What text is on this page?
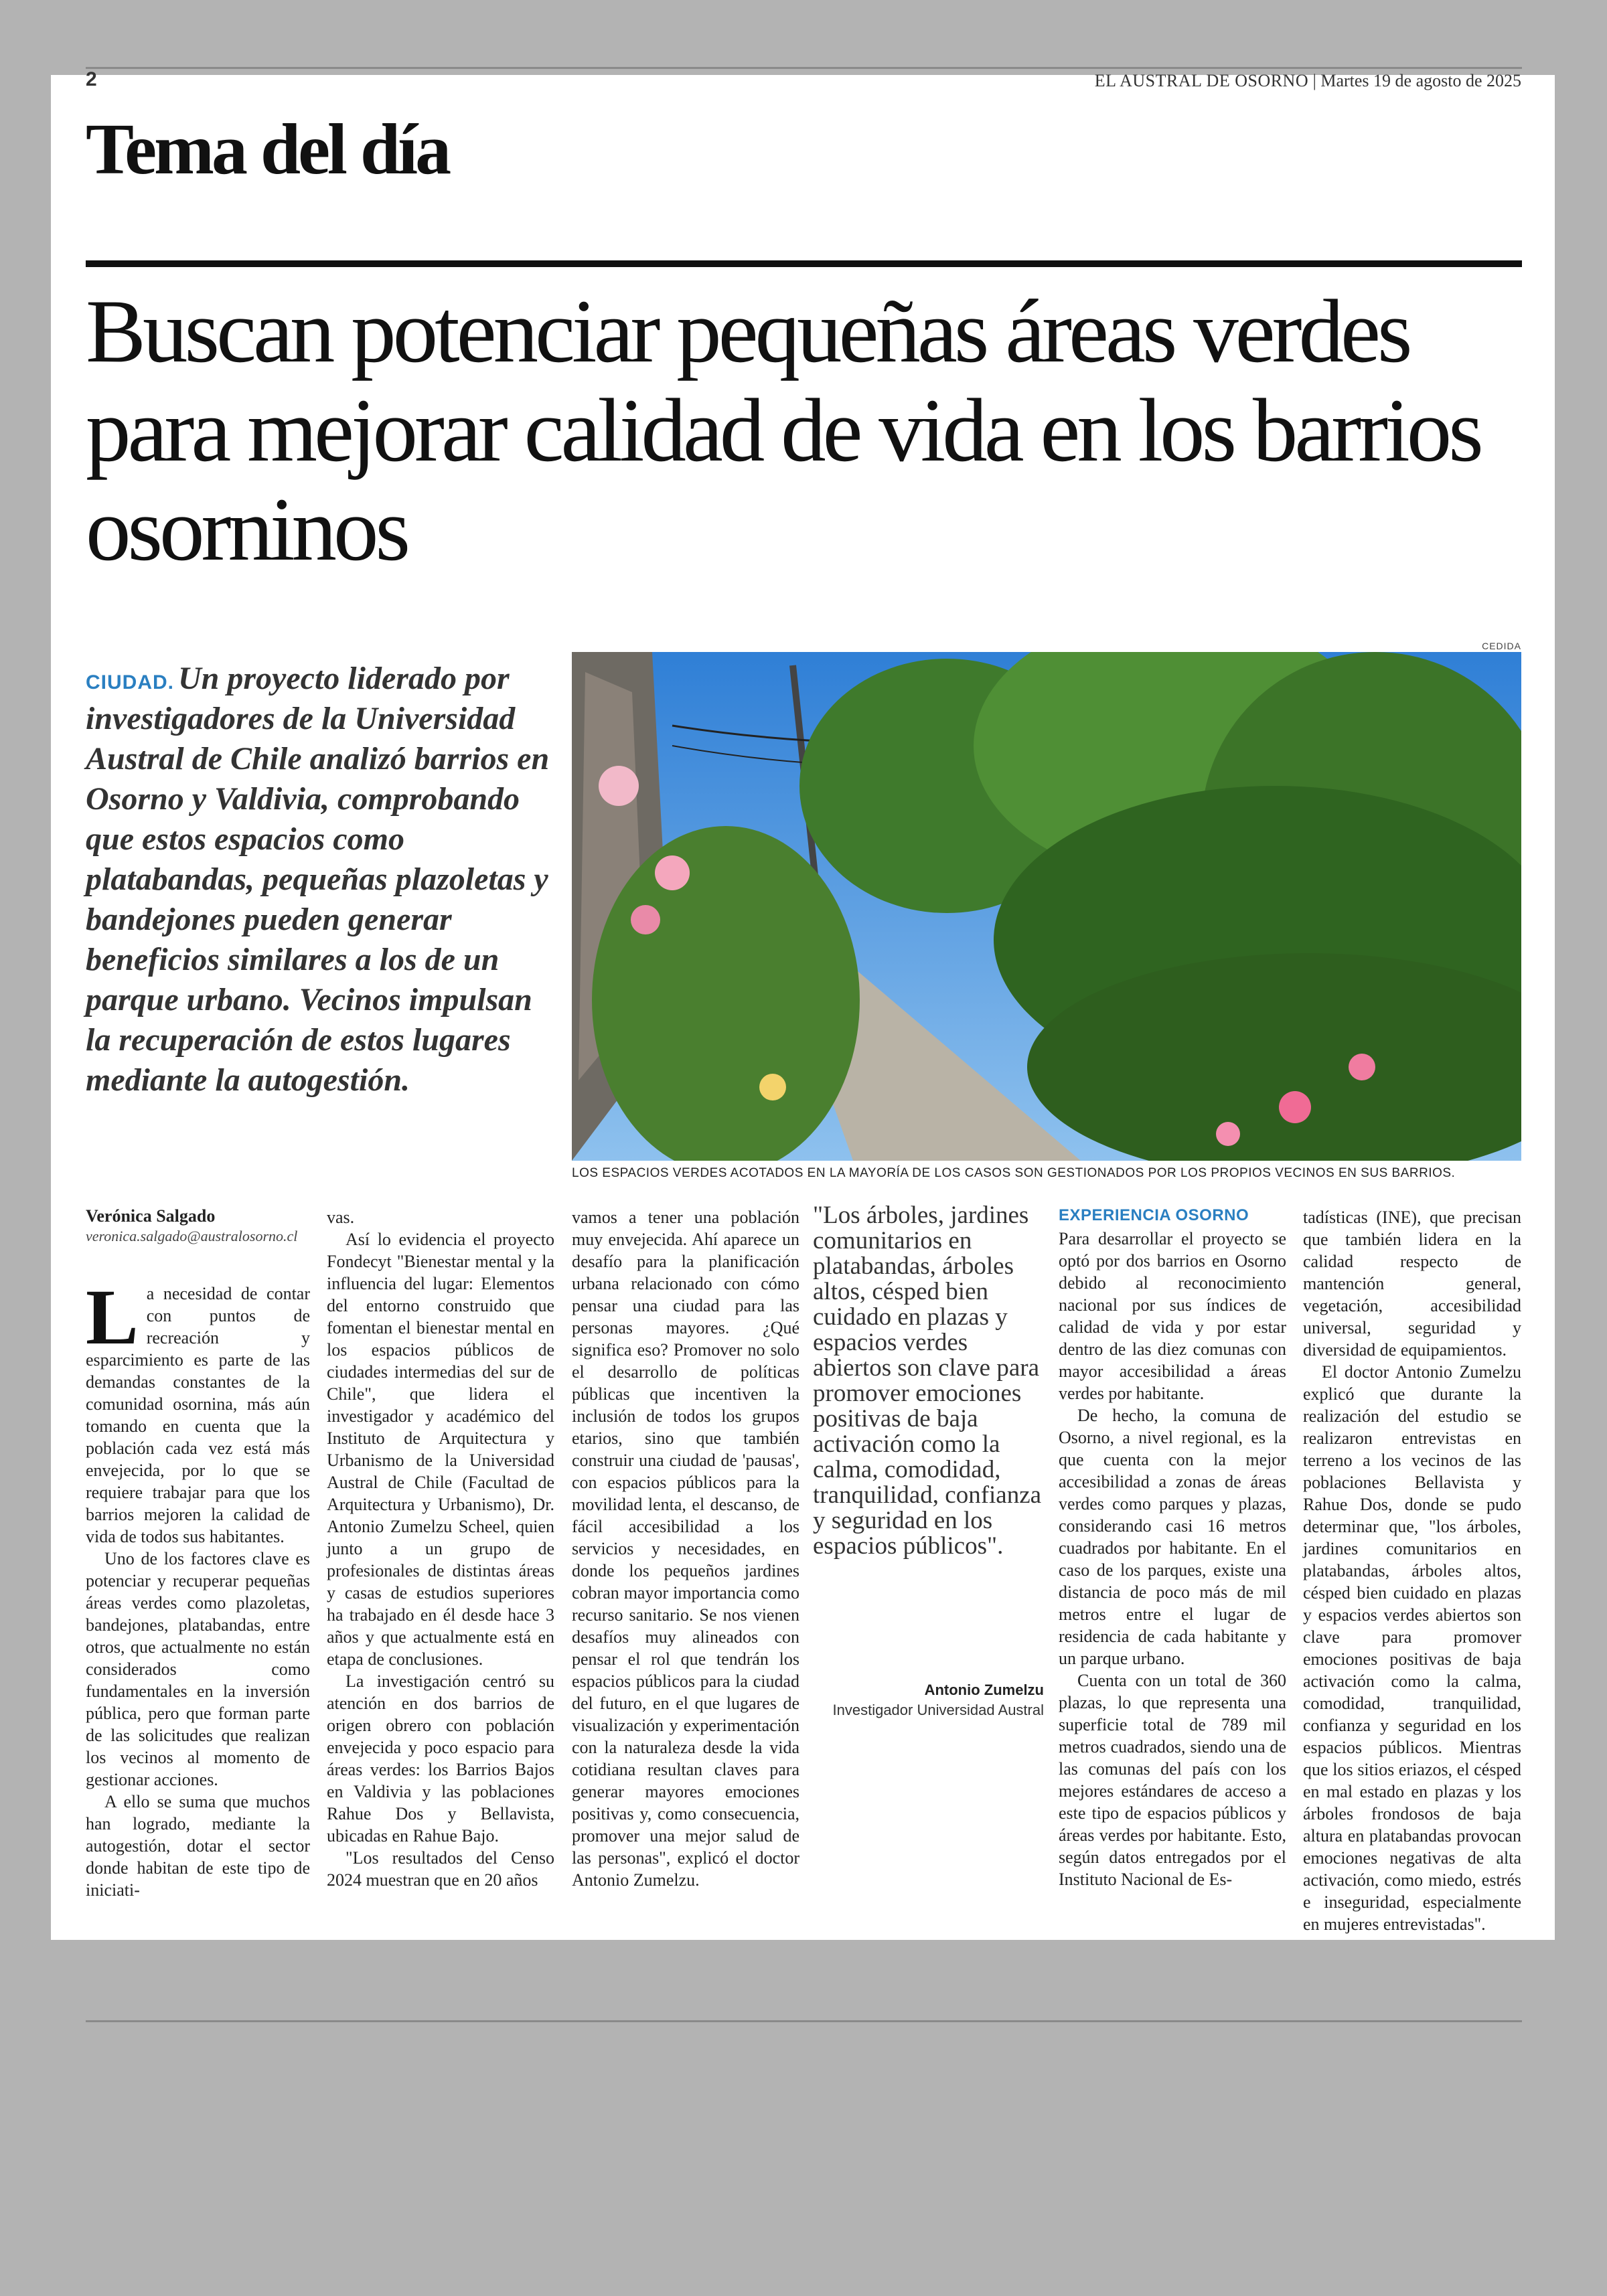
2	EL AUSTRAL DE OSORNO | Martes 19 de agosto de 2025
Tema del día
Buscan potenciar pequeñas áreas verdes para mejorar calidad de vida en los barrios osorninos

CIUDAD. Un proyecto liderado por investigadores de la Universidad Austral de Chile analizó barrios en Osorno y Valdivia, comprobando que estos espacios como platabandas, pequeñas plazoletas y bandejones pueden generar beneficios similares a los de un parque urbano. Vecinos impulsan la recuperación de estos lugares mediante la autogestión.

CEDIDA
LOS ESPACIOS VERDES ACOTADOS EN LA MAYORÍA DE LOS CASOS SON GESTIONADOS POR LOS PROPIOS VECINOS EN SUS BARRIOS.
Verónica Salgado
veronica.salgado@australosorno.cl
L a necesidad de contar con puntos de recreación y esparcimiento es parte de las demandas constantes de la comunidad osornina, más aún tomando en cuenta que la población cada vez está más envejecida, por lo que se requiere trabajar para que los barrios mejoren la calidad de vida de todos sus habitantes.

Uno de los factores clave es potenciar y recuperar pequeñas áreas verdes como plazoletas, bandejones, platabandas, entre otros, que actualmente no están considerados como fundamentales en la inversión pública, pero que forman parte de las solicitudes que realizan los vecinos al momento de gestionar acciones.

A ello se suma que muchos han logrado, mediante la autogestión, dotar el sector donde habitan de este tipo de iniciati-

vas.

Así lo evidencia el proyecto Fondecyt "Bienestar mental y la influencia del lugar: Elementos del entorno construido que fomentan el bienestar mental en los espacios públicos de ciudades intermedias del sur de Chile", que lidera el investigador y académico del Instituto de Arquitectura y Urbanismo de la Universidad Austral de Chile (Facultad de Arquitectura y Urbanismo), Dr. Antonio Zumelzu Scheel, quien junto a un grupo de profesionales de distintas áreas y casas de estudios superiores ha trabajado en él desde hace 3 años y que actualmente está en etapa de conclusiones.

La investigación centró su atención en dos barrios de origen obrero con población envejecida y poco espacio para áreas verdes: los Barrios Bajos en Valdivia y las poblaciones Rahue Dos y Bellavista, ubicadas en Rahue Bajo.

"Los resultados del Censo 2024 muestran que en 20 años

vamos a tener una población muy envejecida. Ahí aparece un desafío para la planificación urbana relacionado con cómo pensar una ciudad para las personas mayores. ¿Qué significa eso? Promover no solo el desarrollo de políticas públicas que incentiven la inclusión de todos los grupos etarios, sino que también construir una ciudad de 'pausas', con espacios públicos para la movilidad lenta, el descanso, de fácil accesibilidad a los servicios y necesidades, en donde los pequeños jardines cobran mayor importancia como recurso sanitario. Se nos vienen desafíos muy alineados con pensar el rol que tendrán los espacios públicos para la ciudad del futuro, en el que lugares de visualización y experimentación con la naturaleza desde la vida cotidiana resultan claves para generar mayores emociones positivas y, como consecuencia, promover una mejor salud de las personas", explicó el doctor Antonio Zumelzu.

"Los árboles, jardines comunitarios en platabandas, árboles altos, césped bien cuidado en plazas y espacios verdes abiertos son clave para promover emociones positivas de baja activación como la calma, comodidad, tranquilidad, confianza y seguridad en los espacios públicos".

Antonio Zumelzu
Investigador Universidad Austral
EXPERIENCIA OSORNO

Para desarrollar el proyecto se optó por dos barrios en Osorno debido al reconocimiento nacional por sus índices de calidad de vida y por estar dentro de las diez comunas con mayor accesibilidad a áreas verdes por habitante.

De hecho, la comuna de Osorno, a nivel regional, es la que cuenta con la mejor accesibilidad a zonas de áreas verdes como parques y plazas, considerando casi 16 metros cuadrados por habitante. En el caso de los parques, existe una distancia de poco más de mil metros entre el lugar de residencia de cada habitante y un parque urbano.

Cuenta con un total de 360 plazas, lo que representa una superficie total de 789 mil metros cuadrados, siendo una de las comunas del país con los mejores estándares de acceso a este tipo de espacios públicos y áreas verdes por habitante. Esto, según datos entregados por el Instituto Nacional de Es-

tadísticas (INE), que precisan que también lidera en la calidad respecto de mantención general, vegetación, accesibilidad universal, seguridad y diversidad de equipamientos.

El doctor Antonio Zumelzu explicó que durante la realización del estudio se realizaron entrevistas en terreno a los vecinos de las poblaciones Bellavista y Rahue Dos, donde se pudo determinar que, "los árboles, jardines comunitarios en platabandas, árboles altos, césped bien cuidado en plazas y espacios verdes abiertos son clave para promover emociones positivas de baja activación como la calma, comodidad, tranquilidad, confianza y seguridad en los espacios públicos. Mientras que los sitios eriazos, el césped en mal estado en plazas y los árboles frondosos de baja altura en platabandas provocan emociones negativas de alta activación, como miedo, estrés e inseguridad, especialmente en mujeres entrevistadas".
